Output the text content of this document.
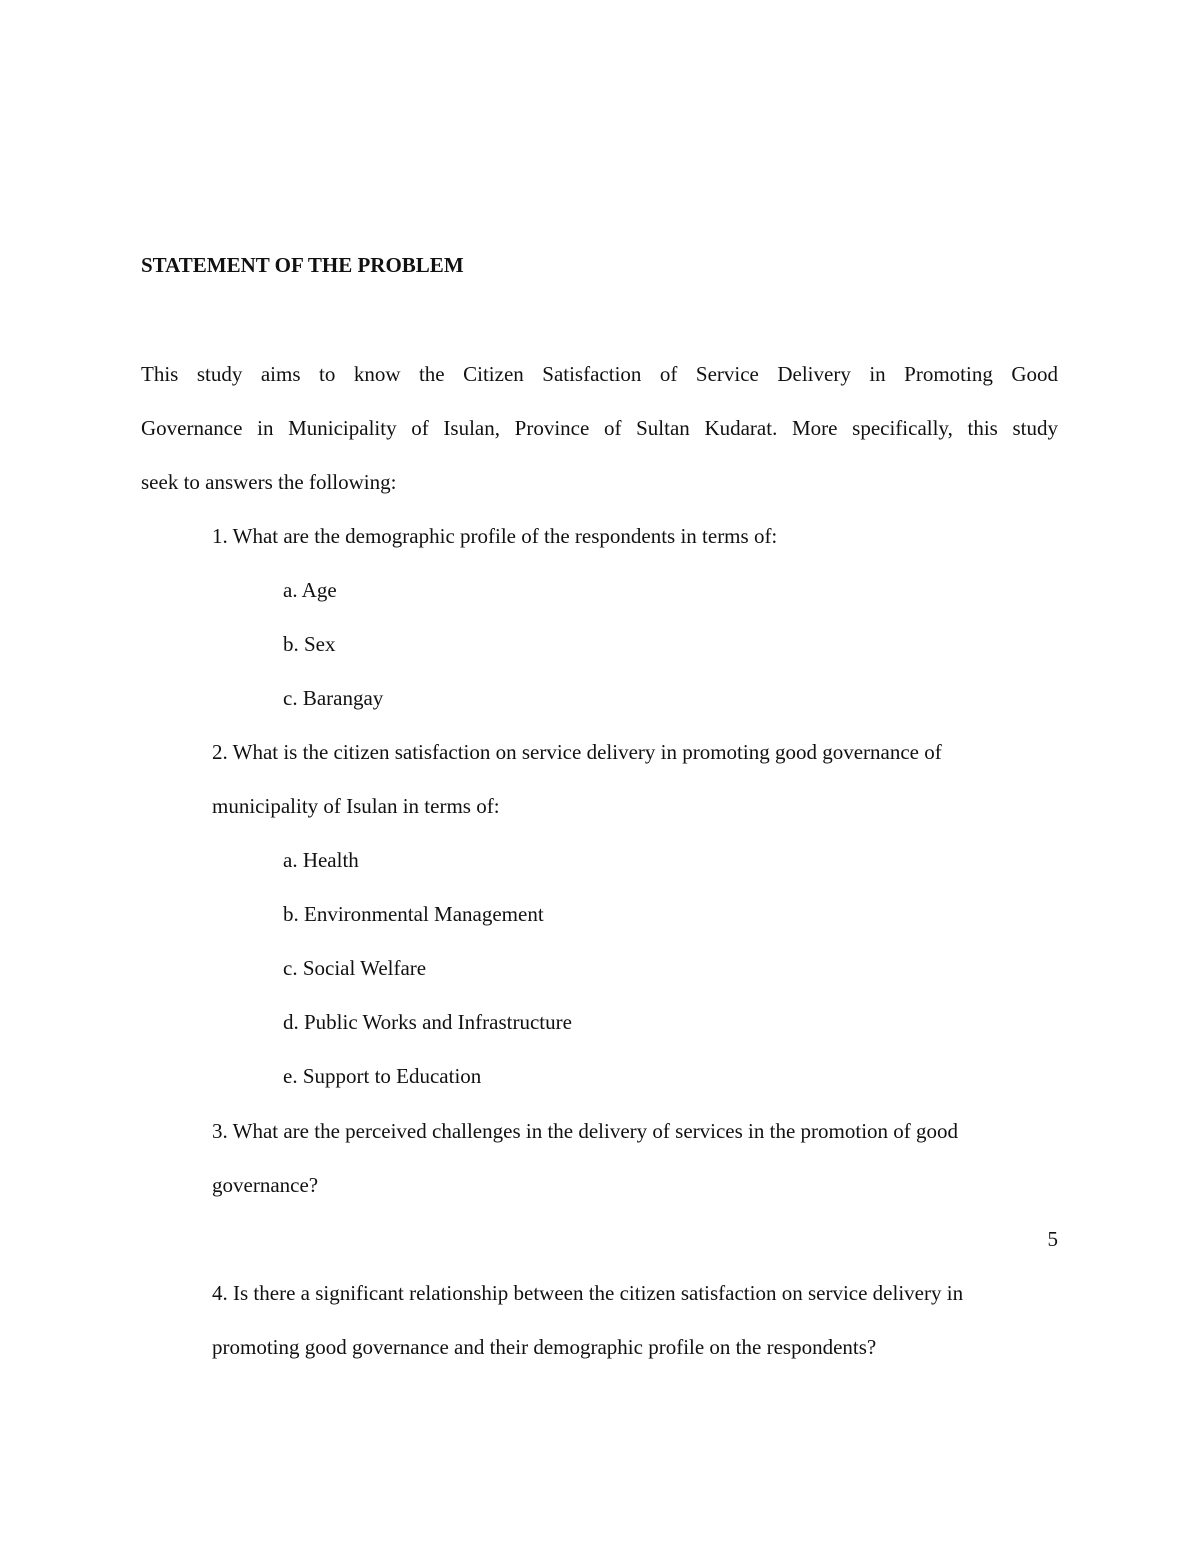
STATEMENT OF THE PROBLEM
This study aims to know the Citizen Satisfaction of Service Delivery in Promoting Good
Governance in Municipality of Isulan, Province of Sultan Kudarat. More specifically, this study
seek to answers the following:
1. What are the demographic profile of the respondents in terms of:
a. Age
b. Sex
c. Barangay
2. What is the citizen satisfaction on service delivery in promoting good governance of
municipality of Isulan in terms of:
a. Health
b. Environmental Management
c. Social Welfare
d. Public Works and Infrastructure
e. Support to Education
3. What are the perceived challenges in the delivery of services in the promotion of good
governance?
5
4. Is there a significant relationship between the citizen satisfaction on service delivery in
promoting good governance and their demographic profile on the respondents?
